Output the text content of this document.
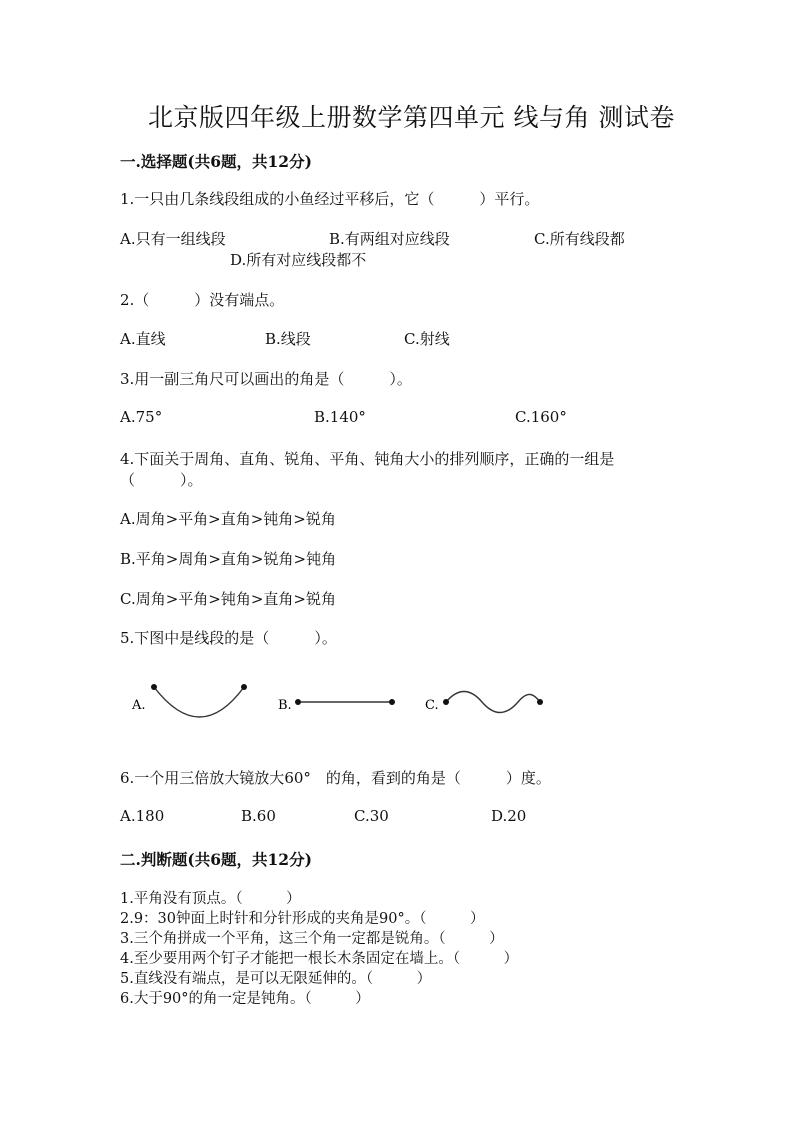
北京版四年级上册数学第四单元 线与角 测试卷
一.选择题(共6题，共12分)
1.一只由几条线段组成的小鱼经过平移后，它（　　　）平行。
A.只有一组线段	B.有两组对应线段	C.所有线段都
D.所有对应线段都不
2.（　　　）没有端点。
A.直线	B.线段	C.射线
3.用一副三角尺可以画出的角是（　　　）。
A.75°	B.140°	C.160°
4.下面关于周角、直角、锐角、平角、钝角大小的排列顺序，正确的一组是
（　　　）。
A.周角>平角>直角>钝角>锐角
B.平角>周角>直角>锐角>钝角
C.周角>平角>钝角>直角>锐角
5.下图中是线段的是（　　　）。
A.	B.	C.
6.一个用三倍放大镜放大60°　的角，看到的角是（　　　）度。
A.180	B.60	C.30	D.20
二.判断题(共6题，共12分)
1.平角没有顶点。（　　　）
2.9：30钟面上时针和分针形成的夹角是90°。（　　　）
3.三个角拼成一个平角，这三个角一定都是锐角。（　　　）
4.至少要用两个钉子才能把一根长木条固定在墙上。（　　　）
5.直线没有端点，是可以无限延伸的。（　　　）
6.大于90°的角一定是钝角。（　　　）
